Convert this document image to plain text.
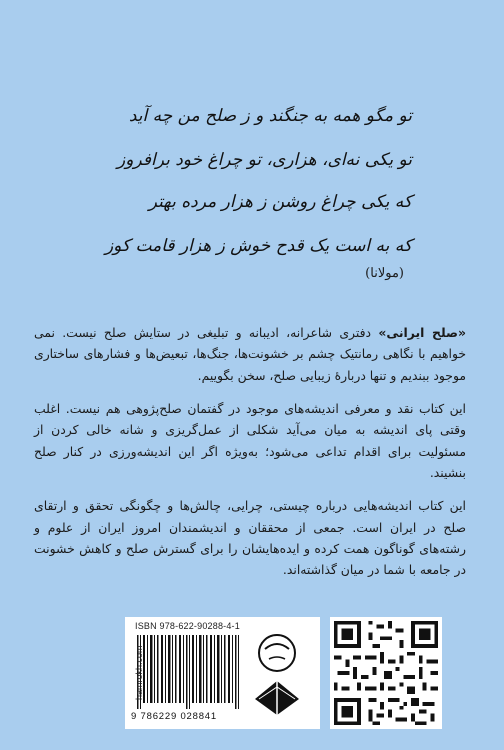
تو مگو همه به جنگند و ز صلح من چه آید
تو یکی نه‌ای، هزاری، تو چراغ خود برافروز
که یکی چراغ روشن ز هزار مرده بهتر
که به است یک قدح خوش ز هزار قامت کوز
(مولانا)

«صلح ایرانی» دفتری شاعرانه، ادیبانه و تبلیغی در ستایش صلح نیست. نمی خواهیم با نگاهی رمانتیک چشم بر خشونت‌ها، جنگ‌ها، تبعیض‌ها و فشارهای ساختاری موجود ببندیم و تنها دربارهٔ زیبایی صلح، سخن بگوییم.

این کتاب نقد و معرفی اندیشه‌های موجود در گفتمان صلح‌پژوهی هم نیست. اغلب وقتی پای اندیشه به میان می‌آید شکلی از عمل‌گریزی و شانه خالی کردن از مسئولیت برای اقدام تداعی می‌شود؛ به‌ویژه اگر این اندیشه‌ورزی در کنار صلح بنشیند.

این کتاب اندیشه‌هایی درباره چیستی، چرایی، چالش‌ها و چگونگی تحقق و ارتقای صلح در ایران است. جمعی از محققان و اندیشمندان امروز ایران از علوم و رشته‌های گوناگون همت کرده و ایده‌هایشان را برای گسترش صلح و کاهش خشونت در جامعه با شما در میان گذاشته‌اند.

ISBN 978-622-90288-4-1
9 786229 028841
hamrokh.com
